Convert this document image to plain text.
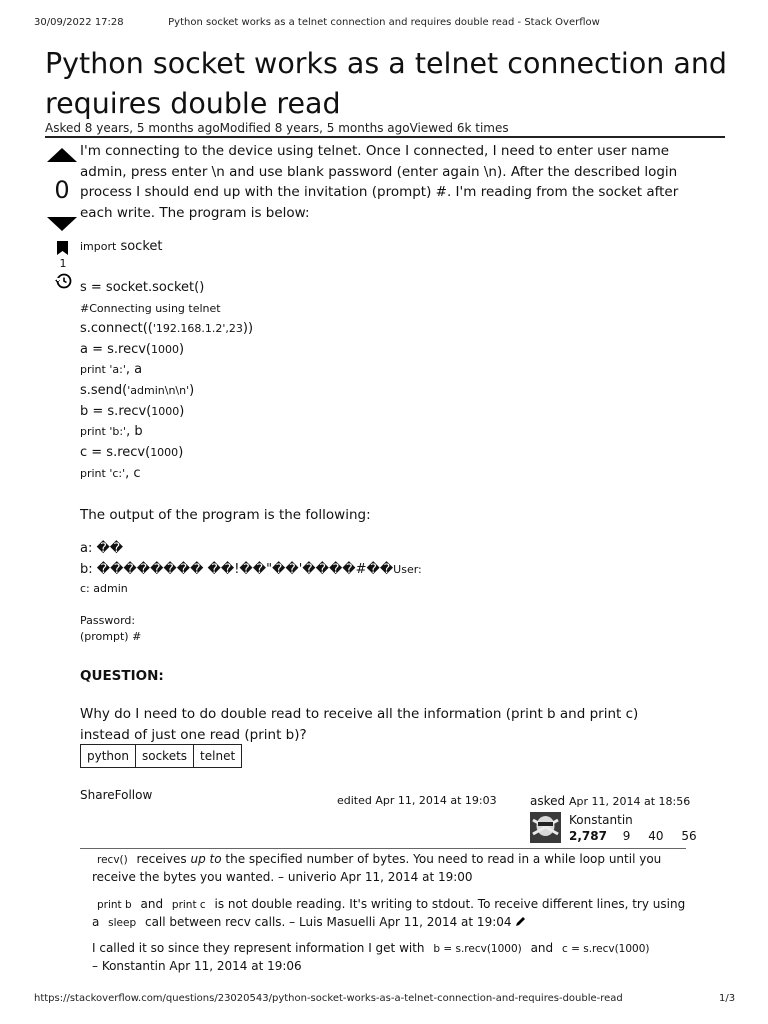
30/09/2022 17:28	Python socket works as a telnet connection and requires double read - Stack Overflow
Python socket works as a telnet connection and requires double read
Asked 8 years, 5 months agoModified 8 years, 5 months agoViewed 6k times
0
1
I'm connecting to the device using telnet. Once I connected, I need to enter user name admin, press enter \n and use blank password (enter again \n). After the described login process I should end up with the invitation (prompt) #. I'm reading from the socket after each write. The program is below:
import socket
s = socket.socket()
#Connecting using telnet
s.connect(('192.168.1.2',23))
a = s.recv(1000)
print 'a:', a
s.send('admin\n\n')
b = s.recv(1000)
print 'b:', b
c = s.recv(1000)
print 'c:', c
The output of the program is the following:
a: ��
b: �������� ��!��"��'����#��User:
c: admin
Password:
(prompt) #
QUESTION:
Why do I need to do double read to receive all the information (print b and print c) instead of just one read (print b)?
python	sockets	telnet
ShareFollow	edited Apr 11, 2014 at 19:03	asked Apr 11, 2014 at 18:56
Konstantin
2,787 9 40 56
recv() receives up to the specified number of bytes. You need to read in a while loop until you receive the bytes you wanted. – univerio Apr 11, 2014 at 19:00
print b and print c is not double reading. It's writing to stdout. To receive different lines, try using a sleep call between recv calls. – Luis Masuelli Apr 11, 2014 at 19:04
I called it so since they represent information I get with b = s.recv(1000) and c = s.recv(1000)
– Konstantin Apr 11, 2014 at 19:06
https://stackoverflow.com/questions/23020543/python-socket-works-as-a-telnet-connection-and-requires-double-read	1/3
